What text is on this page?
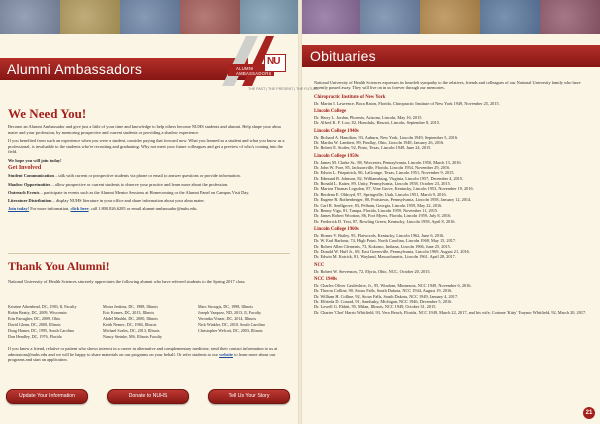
Alumni Ambassadors	NU
ALUMNI
AMBASSADORS
THE PAST | THE PRESENT | THE FUTURE
We Need You!

Become an Alumni Ambassador and give just a little of your time and knowledge to help others become NUHS students and alumni. Help shape your alma mater and your profession, by mentoring prospective and current students or providing a shadow experience.

If you benefited from such an experience when you were a student, consider paying that forward now. What you learned as a student and what you know as a professional, is invaluable to the students who're recruiting and graduating. Why not meet your future colleagues and get a preview of who's coming into the field.

We hope you will join today!

Get Involved

Student Communication – talk with current or prospective students via phone or email to answer questions or provide information.

Shadow Opportunities – allow prospective or current students to observe your practice and learn more about the profession.

Outreach Events – participate in events such as the Alumni Mentor Sessions at Homecoming or the Alumni Panel on Campus Visit Day.

Literature Distribution – display NUHS literature in your office and share information about your alma mater.

Join today! For more information, click here, call 1.800.826.6285 or email alumni-ambassador@nuhs.edu.

Thank You Alumni!

National University of Health Sciences sincerely appreciates the following alumni who have referred students to the Spring 2017 class:

Kristine Aikenhead, DC, 1983, Il, Faculty
Robin Beatty, DC, 2009, Wisconsin
Erin Farrugher, DC, 2009, Ohio
David Glenn, DC, 2000, Illinois
Doug Hamer, DC, 1995, South Carolina
Don Hendley, DC, 1976, Florida
Moira Jenkins, DC, 1988, Illinois
Eric Komes, DC, 2013, Illinois
Abdel Mashhi, DC, 2000, Illinois
Keith Nemec, DC, 1984, Illinois
Michael Scales, DC, 2013, Illinois
Nancy Steinke, MS, Illinois Faculty
Marc Strougis, DC, 1998, Illinois
Joseph Vazquez, ND, 2013, Il, Faculty
Veronika Vinzer, DC, 2014, Illinois
Nick Winkler, DC, 2010, South Carolina
Christopher Welcott, DC, 2003, Illinois

If you know a friend, relative or patient who shows interest in a career in alternative and complementary medicine, send their contact information to us at admissions@nuhs.edu and we will be happy to share materials on our programs on your behalf. Or refer students to our website to learn more about our programs and start an application.

Update Your Information	Donate to NUHS	Tell Us Your Story
Obituaries

National University of Health Sciences expresses its heartfelt sympathy to the relatives, friends and colleagues of our National University family who have recently passed away. They will live on in us forever through our memories.

Chiropractic Institute of New York
Dr. Martin I. Lawrence, Boca Raton, Florida, Chiropractic Institute of New York 1949, November 25, 2015.
Lincoln College
Dr. Harry L. Jordan, Phoenix, Arizona, Lincoln, May 16, 2015.
Dr. Alfred K. F. Low, 82, Honolulu, Hawaii, Lincoln, September 8, 2015.
Lincoln College 1940s
Dr. Richard A. Hamilton, 93, Auburn, New York, Lincoln 1949, September 5, 2016.
Dr. Martha W. Lambert, 89, Findlay, Ohio, Lincoln 1948, January 26, 2016.
Dr. Robert E. Stotler, 92, Pinto, Texas, Lincoln 1949, June 24, 2015.
Lincoln College 1950s
Dr. James M. Clarke Sr., 88, Worcester, Pennsylvania, Lincoln 1950, March 13, 2016.
Dr. John W. Fore, 85, Jacksonville, Florida, Lincoln 1954, November 29, 2016.
Dr. Edwin L. Fitzpatrick, 86, LaGrange, Texas, Lincoln 1951, November 9, 2015.
Dr. Edmund R. Johnson, 82, Williamsburg, Virginia, Lincoln 1957, December 4, 2015.
Dr. Ronald L. Kaiter, 89, Unity, Pennsylvania, Lincoln 1958, October 23, 2015.
Dr. Marion Thomas Logsdon, 87, Vine Grove, Kentucky, Lincoln 1953, November 19, 2016.
Dr. Berdena E. Oldroyd, 97, Springville, Utah, Lincoln 1951, March 9, 2016.
Dr. Eugene R. Rothenberger, 80, Pottstown, Pennsylvania, Lincoln 1958, January 12, 2014.
Dr. Carl R. Snellgrove, 83, Pelham, Georgia, Lincoln 1959, May 22, 2016.
Dr. Benny Vigo, 81, Tampa, Florida, Lincoln 1959, November 11, 2015.
Dr. James Robert Wootton, 86, Fort Myers, Florida, Lincoln 1959, July 8, 2016.
Dr. Frederick D. Yost, 87, Bowling Green, Kentucky, Lincoln 1958, April 8, 2016.
Lincoln College 1960s
Dr. Homer V. Bailey, 95, Flatwoods, Kentucky, Lincoln 1962, June 6, 2016.
Dr. W. Earl Barbour, 74, High Point, North Carolina, Lincoln 1968, May 15, 2017.
Dr. Robert Allen Clements, 73, Kokomo, Indiana, Lincoln 1966, June 25, 2015.
Dr. Donald W. Huff Jr., 69, East Greenville, Pennsylvania, Lincoln 1969, August 21, 2016.
Dr. Edwin M. Kotrick, 81, Wayland, Massachusetts, Lincoln 1961, April 28, 2017.
NCC
Dr. Robert W. Stevenson, 72, Elyria, Ohio, NCC, October 20, 2015.
NCC 1940s
Dr. Charles Oliver Castleshire, Jr., 95, Windom, Minnesota, NCC 1949, November 6, 2016.
Dr. Theron Colline, 90, Sioux Falls, South Dakota, NCC 1944, August 19, 2016.
Dr. William H. Colline, 92, Sioux Falls, South Dakota, NCC 1949, January 4, 2017.
Dr. Elfrieda D. Conrad, 91, Sandusky, Michigan, NCC 1946, December 5, 2016.
Dr. Lowell G. Ebbitt, 95, Milan, Illinois, NCC 1949, October 31, 2015.
Dr. Charter 'Chet' Harris Whitfield, 93, Vero Beach, Florida, NCC 1949, March 22, 2017, and his wife, Corinne 'Kitty' Traynor Whitfield, 92, March 20, 2017.
21
